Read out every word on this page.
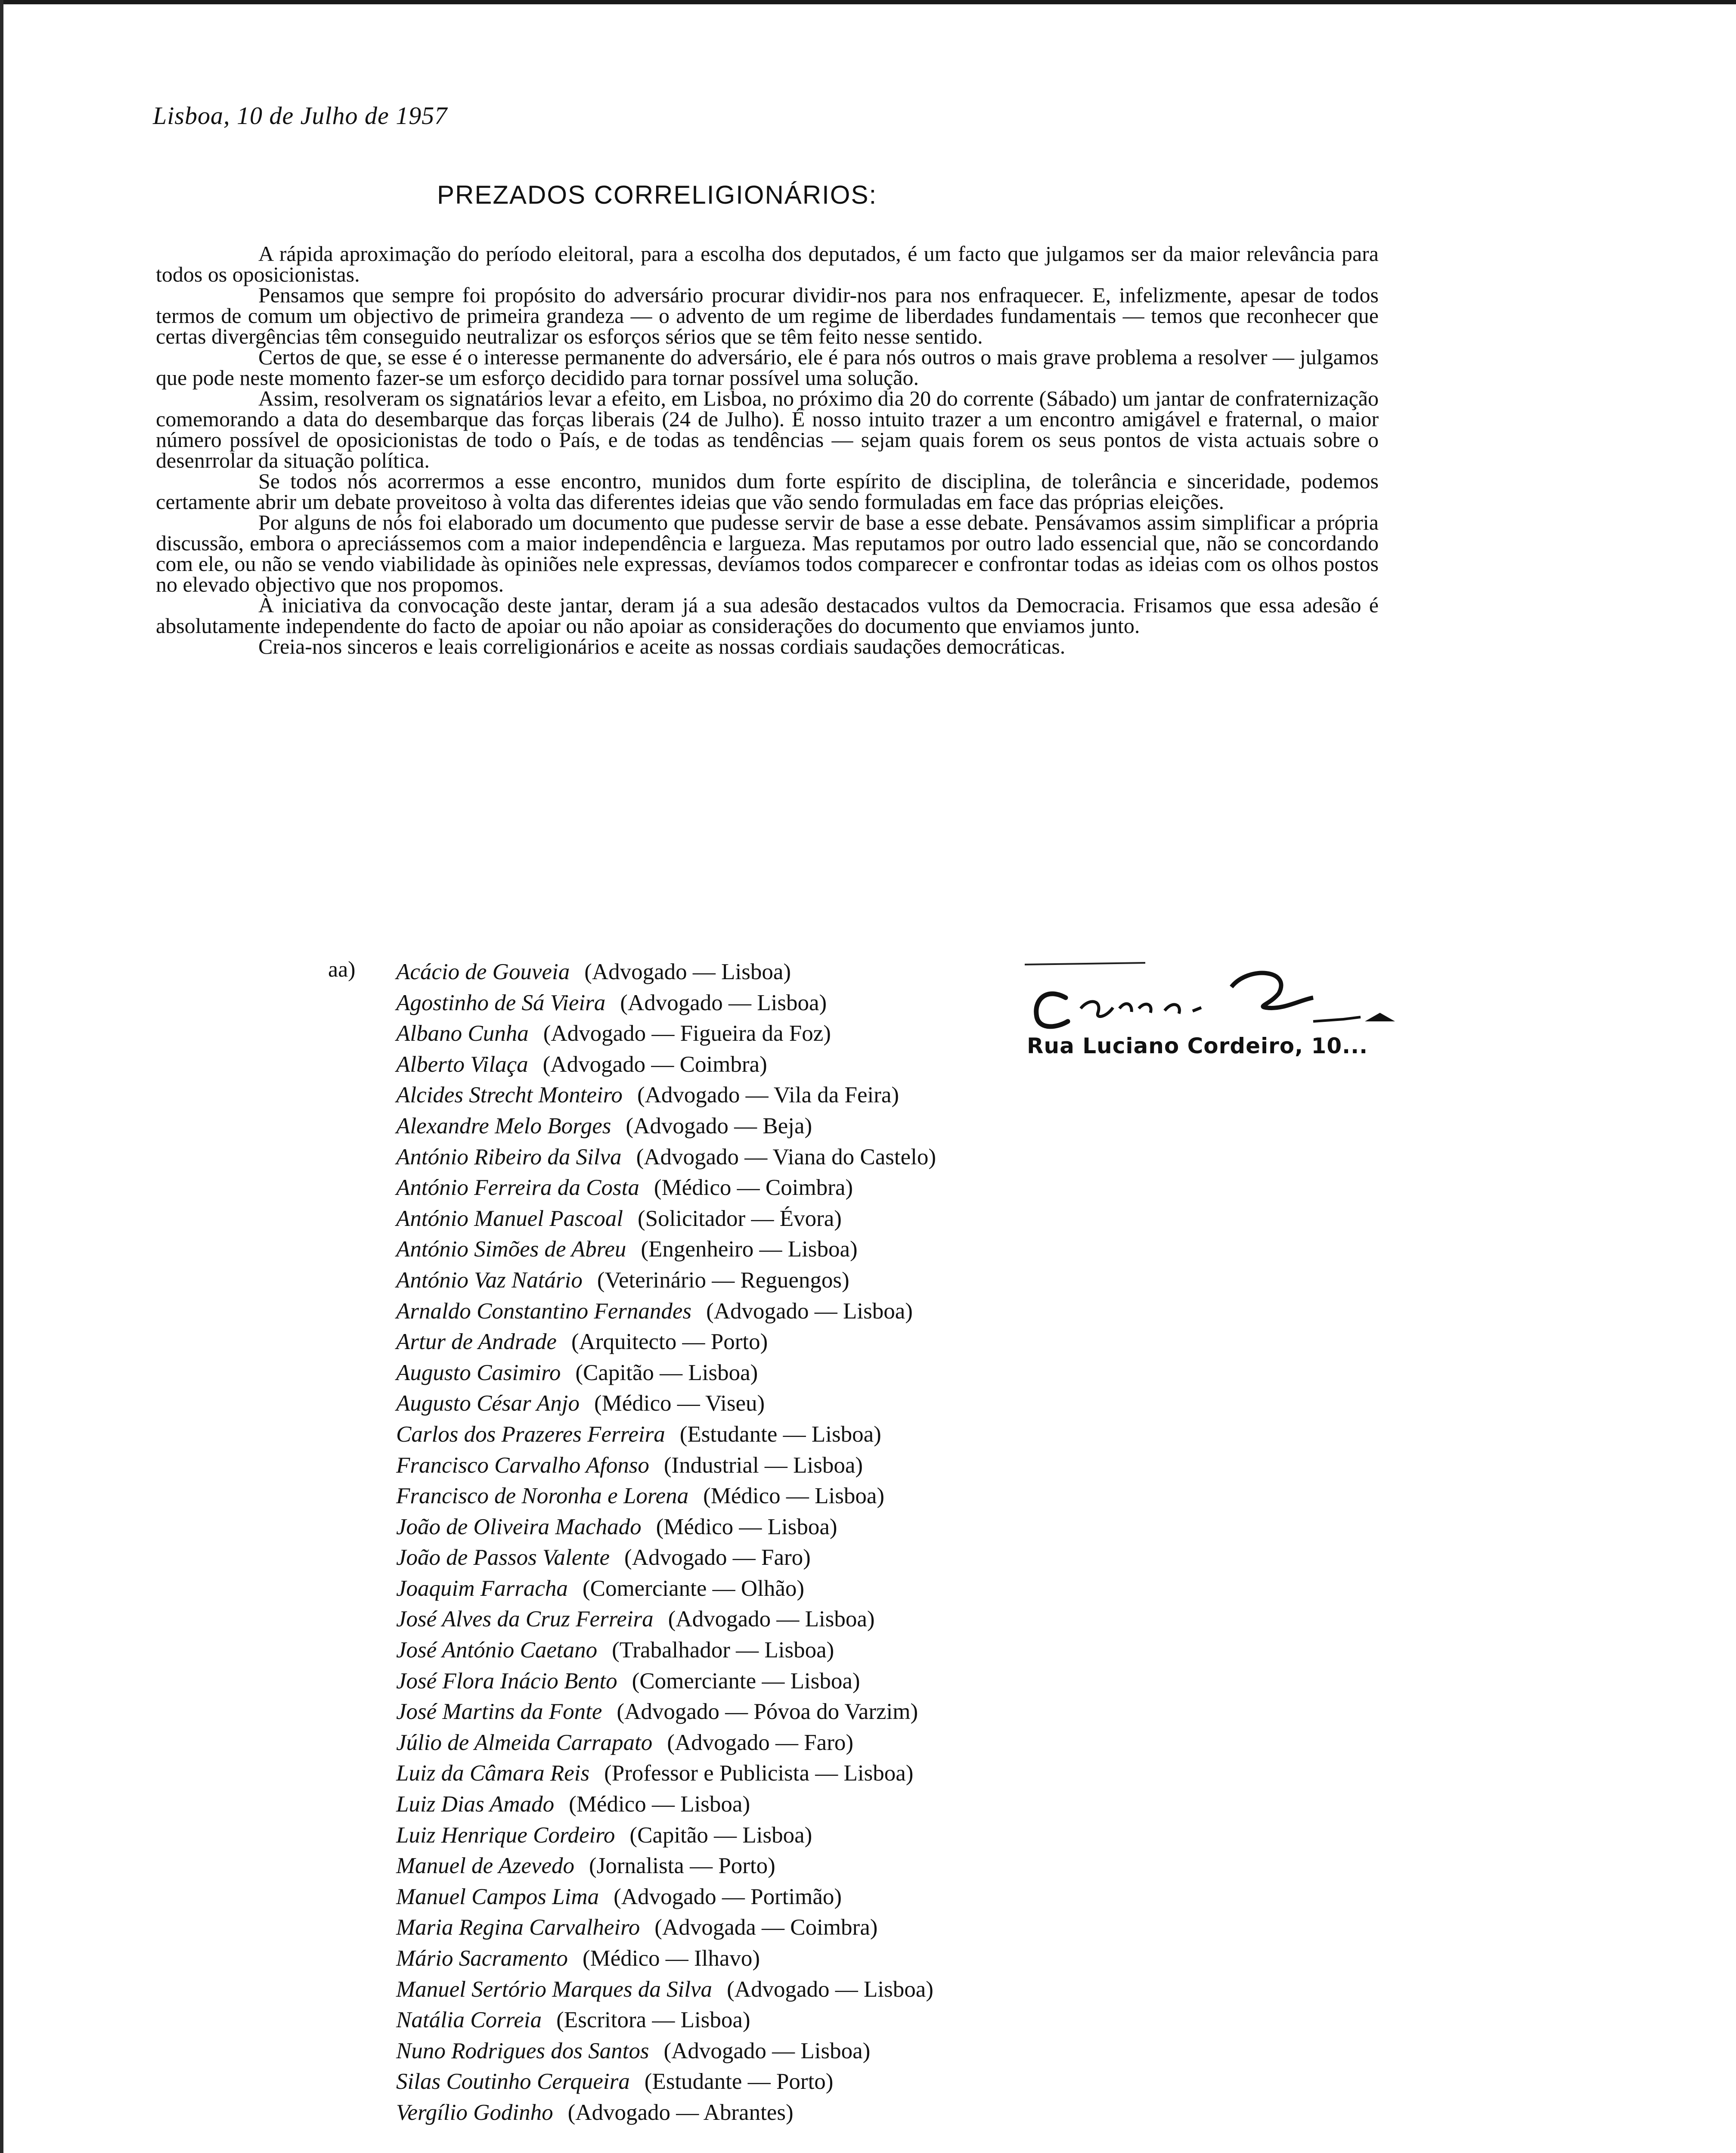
Lisboa, 10 de Julho de 1957
PREZADOS CORRELIGIONÁRIOS:

A rápida aproximação do período eleitoral, para a escolha dos deputados, é um facto que julgamos ser da maior relevância para todos os oposicionistas.

Pensamos que sempre foi propósito do adversário procurar dividir-nos para nos enfraquecer. E, infelizmente, apesar de todos termos de comum um objectivo de primeira grandeza — o advento de um regime de liberdades fundamentais — temos que reconhecer que certas divergências têm conseguido neutralizar os esforços sérios que se têm feito nesse sentido.

Certos de que, se esse é o interesse permanente do adversário, ele é para nós outros o mais grave problema a resolver — julgamos que pode neste momento fazer-se um esforço decidido para tornar possível uma solução.

Assim, resolveram os signatários levar a efeito, em Lisboa, no próximo dia 20 do corrente (Sábado) um jantar de confraternização comemorando a data do desembarque das forças liberais (24 de Julho). É nosso intuito trazer a um encontro amigável e fraternal, o maior número possível de oposicionistas de todo o País, e de todas as tendências — sejam quais forem os seus pontos de vista actuais sobre o desenrrolar da situação política.

Se todos nós acorrermos a esse encontro, munidos dum forte espírito de disciplina, de tolerância e sinceridade, podemos certamente abrir um debate proveitoso à volta das diferentes ideias que vão sendo formuladas em face das próprias eleições.

Por alguns de nós foi elaborado um documento que pudesse servir de base a esse debate. Pensávamos assim simplificar a própria discussão, embora o apreciássemos com a maior independência e largueza. Mas reputamos por outro lado essencial que, não se concordando com ele, ou não se vendo viabilidade às opiniões nele expressas, devíamos todos comparecer e confrontar todas as ideias com os olhos postos no elevado objectivo que nos propomos.

À iniciativa da convocação deste jantar, deram já a sua adesão destacados vultos da Democracia. Frisamos que essa adesão é absolutamente independente do facto de apoiar ou não apoiar as considerações do documento que enviamos junto.

Creia-nos sinceros e leais correligionários e aceite as nossas cordiais saudações democráticas.

aa) Acácio de Gouveia (Advogado — Lisboa)
Agostinho de Sá Vieira (Advogado — Lisboa)
Albano Cunha (Advogado — Figueira da Foz)
Alberto Vilaça (Advogado — Coimbra)
Alcides Strecht Monteiro (Advogado — Vila da Feira)
Alexandre Melo Borges (Advogado — Beja)
António Ribeiro da Silva (Advogado — Viana do Castelo)
António Ferreira da Costa (Médico — Coimbra)
António Manuel Pascoal (Solicitador — Évora)
António Simões de Abreu (Engenheiro — Lisboa)
António Vaz Natário (Veterinário — Reguengos)
Arnaldo Constantino Fernandes (Advogado — Lisboa)
Artur de Andrade (Arquitecto — Porto)
Augusto Casimiro (Capitão — Lisboa)
Augusto César Anjo (Médico — Viseu)
Carlos dos Prazeres Ferreira (Estudante — Lisboa)
Francisco Carvalho Afonso (Industrial — Lisboa)
Francisco de Noronha e Lorena (Médico — Lisboa)
João de Oliveira Machado (Médico — Lisboa)
João de Passos Valente (Advogado — Faro)
Joaquim Farracha (Comerciante — Olhão)
José Alves da Cruz Ferreira (Advogado — Lisboa)
José António Caetano (Trabalhador — Lisboa)
José Flora Inácio Bento (Comerciante — Lisboa)
José Martins da Fonte (Advogado — Póvoa do Varzim)
Júlio de Almeida Carrapato (Advogado — Faro)
Luiz da Câmara Reis (Professor e Publicista — Lisboa)
Luiz Dias Amado (Médico — Lisboa)
Luiz Henrique Cordeiro (Capitão — Lisboa)
Manuel de Azevedo (Jornalista — Porto)
Manuel Campos Lima (Advogado — Portimão)
Maria Regina Carvalheiro (Advogada — Coimbra)
Mário Sacramento (Médico — Ilhavo)
Manuel Sertório Marques da Silva (Advogado — Lisboa)
Natália Correia (Escritora — Lisboa)
Nuno Rodrigues dos Santos (Advogado — Lisboa)
Silas Coutinho Cerqueira (Estudante — Porto)
Vergílio Godinho (Advogado — Abrantes)
Rua Luciano Cordeiro, 10...
